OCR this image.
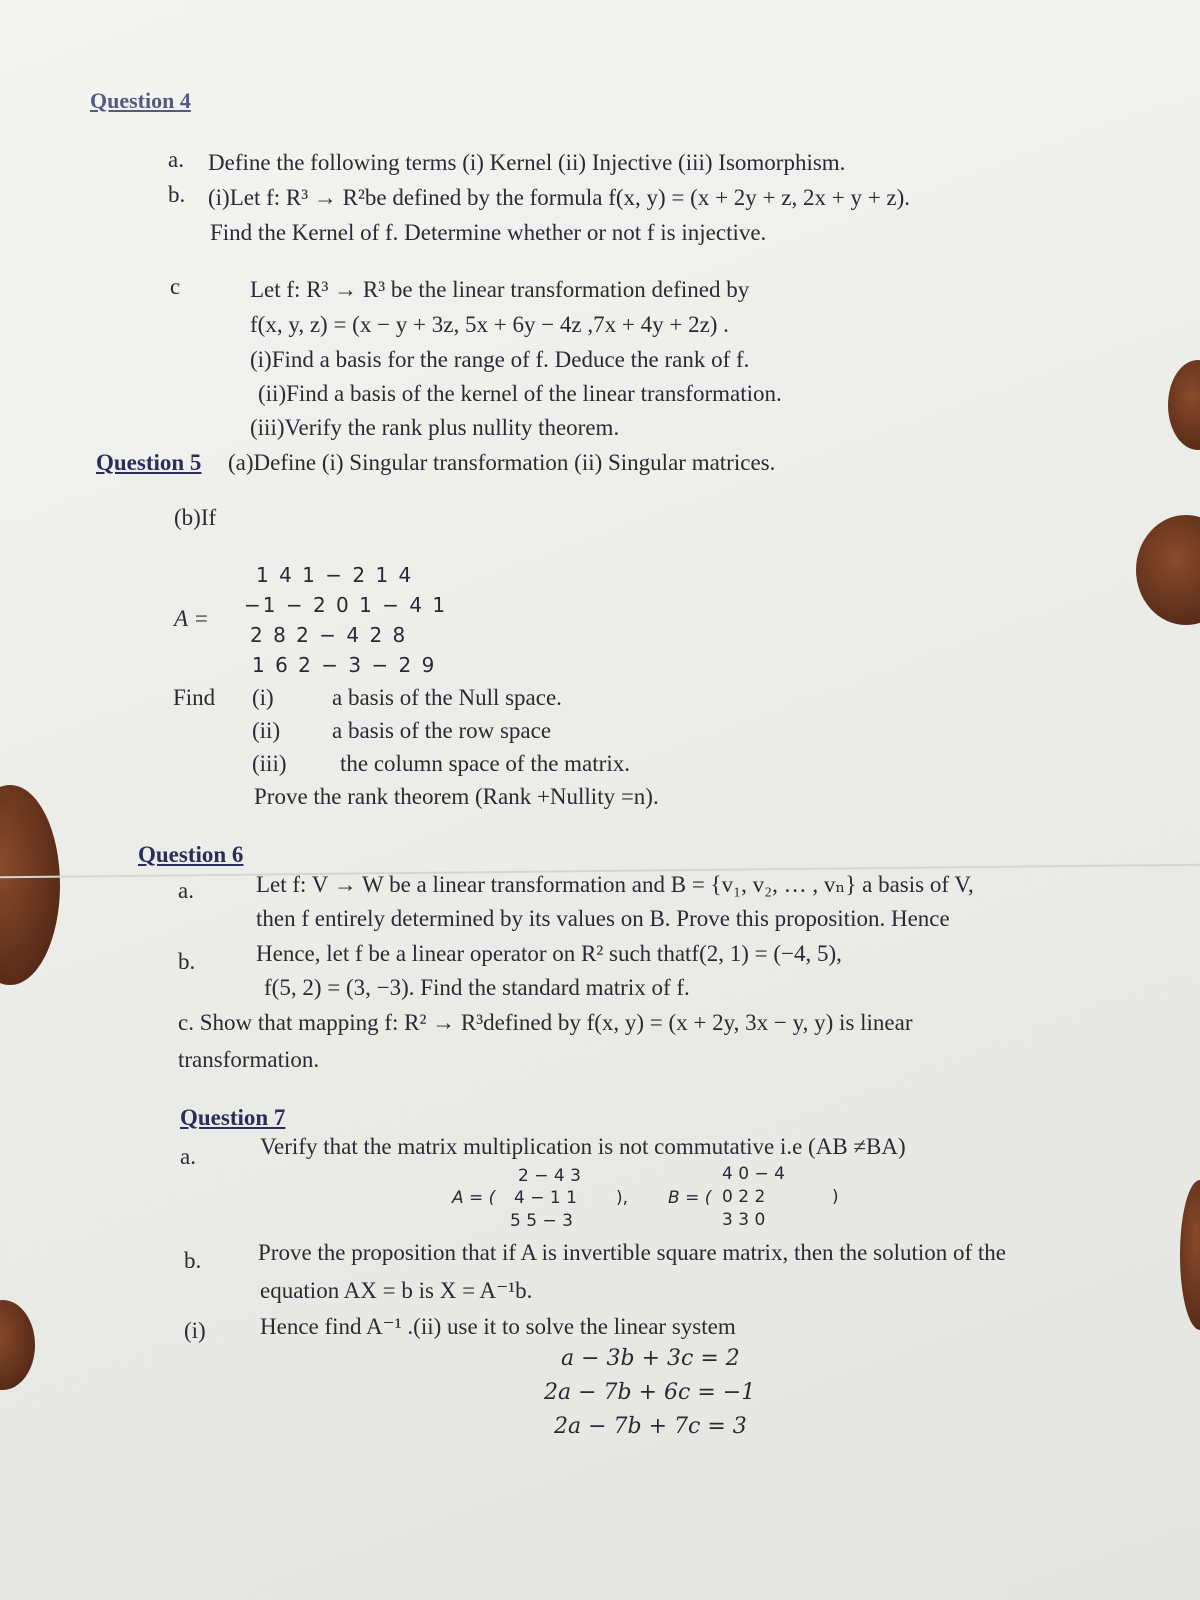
Question 4
a. Define the following terms (i) Kernel (ii) Injective (iii) Isomorphism.
b. (i)Let f: R³ → R²be defined by the formula f(x, y) = (x + 2y + z, 2x + y + z).
Find the Kernel of f. Determine whether or not f is injective.
c	Let f: R³ → R³ be the linear transformation defined by
f(x, y, z) = (x − y + 3z, 5x + 6y − 4z ,7x + 4y + 2z) .
(i)Find a basis for the range of f. Deduce the rank of f.
(ii)Find a basis of the kernel of the linear transformation.
(iii)Verify the rank plus nullity theorem.
Question 5 (a)Define (i) Singular transformation (ii) Singular matrices.
(b)If
A =
1 4 1 − 2 1 4
−1 − 2 0 1 − 4 1
2 8 2 − 4 2 8
1 6 2 − 3 − 2 9
Find (i)	a basis of the Null space.
(ii) a basis of the row space
(iii) the column space of the matrix.
Prove the rank theorem (Rank +Nullity =n).
Question 6
a.	Let f: V → W be a linear transformation and B = {v₁, v₂, … , vₙ} a basis of V,
then f entirely determined by its values on B. Prove this proposition. Hence
b.	Hence, let f be a linear operator on R² such thatf(2, 1) = (−4, 5),
f(5, 2) = (3, −3). Find the standard matrix of f.
c. Show that mapping f: R² → R³defined by f(x, y) = (x + 2y, 3x − y, y) is linear
transformation.
Question 7
a.	Verify that the matrix multiplication is not commutative i.e (AB ≠BA)
A = (
2 − 4 3
4 − 1 1
5 5 − 3
), B = (
4 0 − 4
0 2 2
3 3 0
)
b. Prove the proposition that if A is invertible square matrix, then the solution of the
equation AX = b is X = A⁻¹b.
(i) Hence find A⁻¹ .(ii) use it to solve the linear system
a − 3b + 3c = 2
2a − 7b + 6c = −1
2a − 7b + 7c = 3
